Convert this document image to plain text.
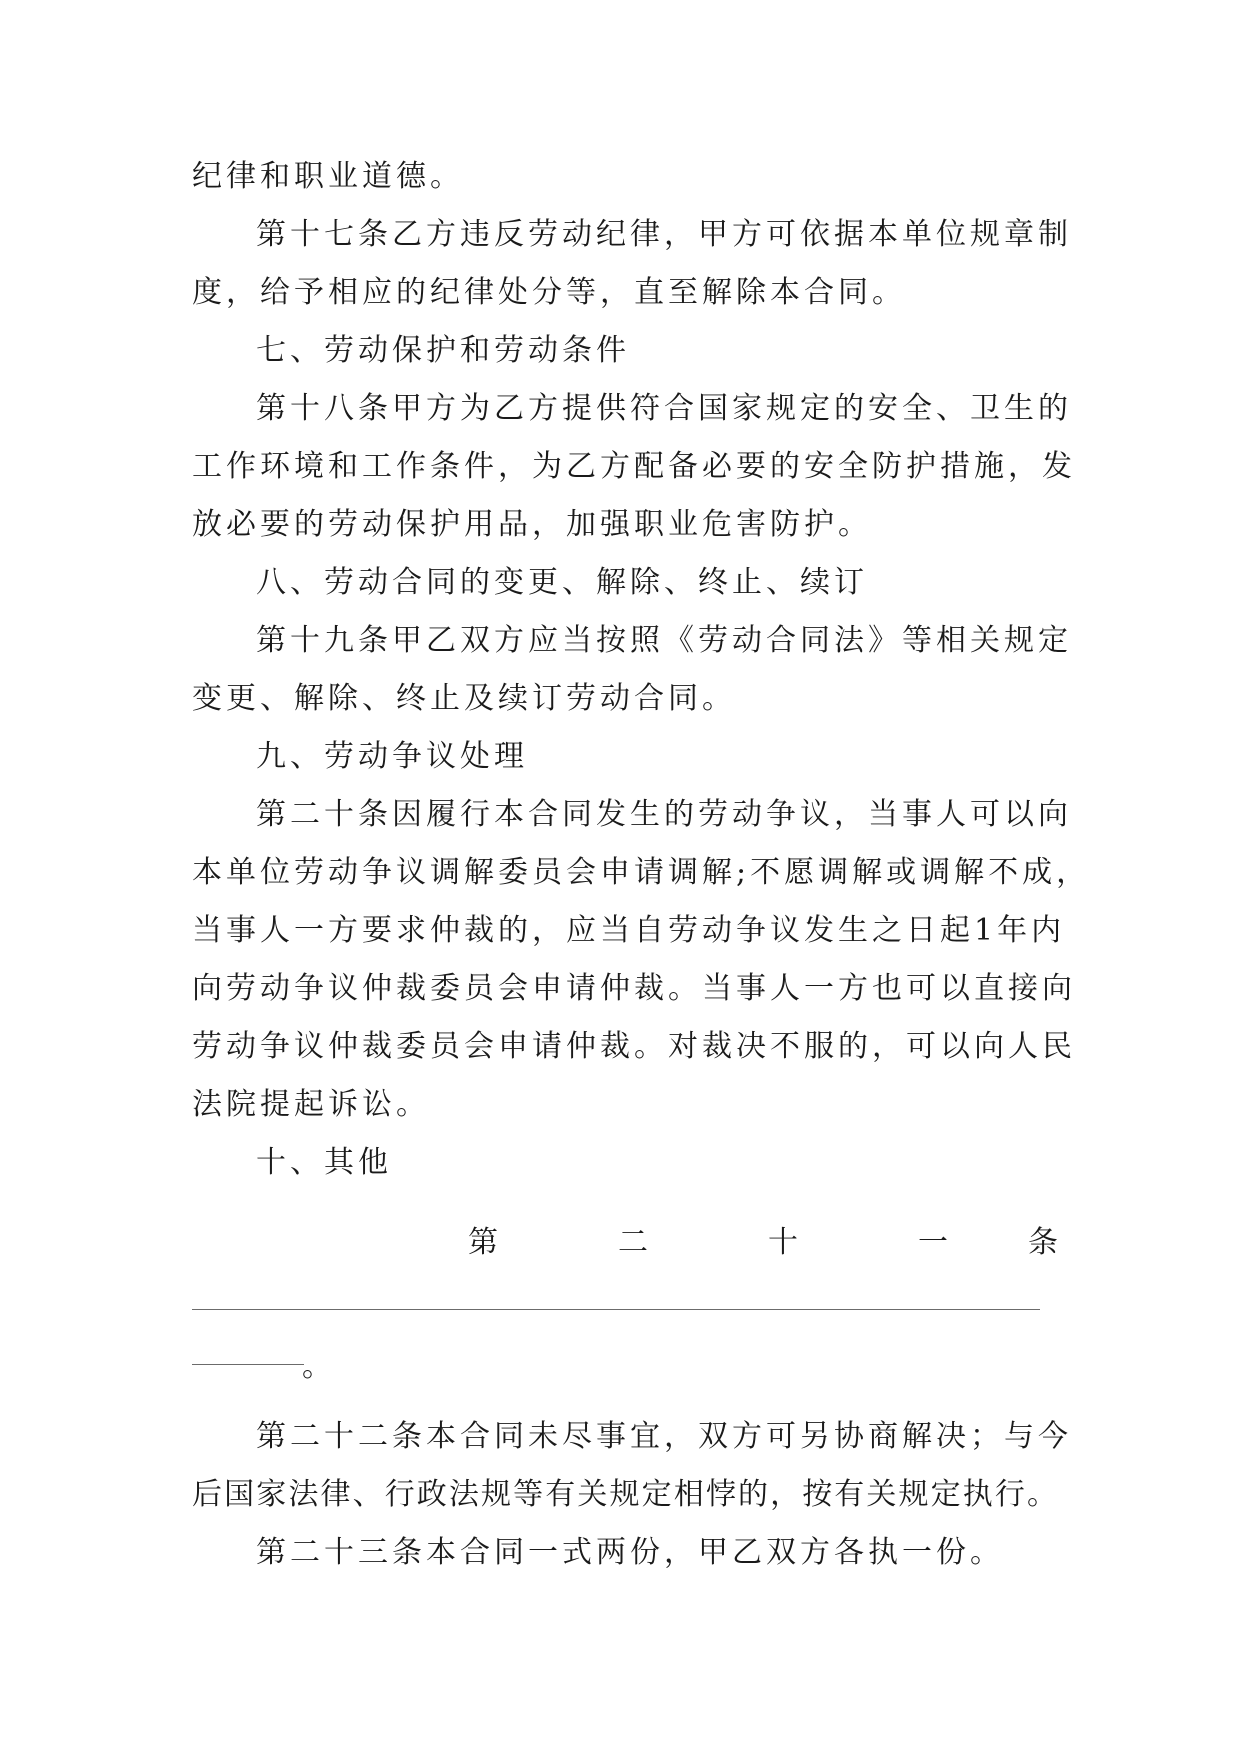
纪律和职业道德。
第十七条乙方违反劳动纪律，甲方可依据本单位规章制
度，给予相应的纪律处分等，直至解除本合同。
七、劳动保护和劳动条件
第十八条甲方为乙方提供符合国家规定的安全、卫生的
工作环境和工作条件，为乙方配备必要的安全防护措施，发
放必要的劳动保护用品，加强职业危害防护。
八、劳动合同的变更、解除、终止、续订
第十九条甲乙双方应当按照《劳动合同法》等相关规定
变更、解除、终止及续订劳动合同。
九、劳动争议处理
第二十条因履行本合同发生的劳动争议，当事人可以向
本单位劳动争议调解委员会申请调解;不愿调解或调解不成，
当事人一方要求仲裁的，应当自劳动争议发生之日起1年内
向劳动争议仲裁委员会申请仲裁。当事人一方也可以直接向
劳动争议仲裁委员会申请仲裁。对裁决不服的，可以向人民
法院提起诉讼。
十、其他
第	二	十	一	条
。
第二十二条本合同未尽事宜，双方可另协商解决；与今
后国家法律、行政法规等有关规定相悖的，按有关规定执行。
第二十三条本合同一式两份，甲乙双方各执一份。
